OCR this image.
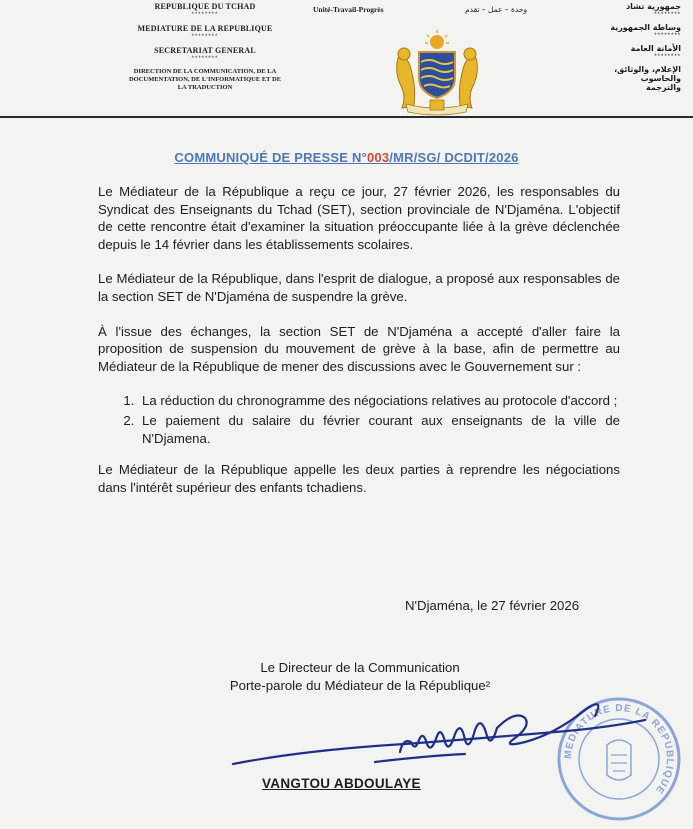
REPUBLIQUE DU TCHAD
********
MEDIATURE DE LA REPUBLIQUE
********
SECRETARIAT GENERAL
********
DIRECTION DE LA COMMUNICATION, DE LA
DOCUMENTATION, DE L'INFORMATIQUE ET DE
LA TRADUCTION
Unité-Travail-Progrès	وحدة – عمل – تقدم	جمهورية تشاد
********
وساطة الجمهورية
********
الأمانة العامة
********
الإعلام، والوثائق، والحاسوب
والترجمة
COMMUNIQUÉ DE PRESSE N°003/MR/SG/ DCDIT/2026

Le Médiateur de la République a reçu ce jour, 27 février 2026, les responsables du Syndicat des Enseignants du Tchad (SET), section provinciale de N'Djaména. L'objectif de cette rencontre était d'examiner la situation préoccupante liée à la grève déclenchée depuis le 14 février dans les établissements scolaires.

Le Médiateur de la République, dans l'esprit de dialogue, a proposé aux responsables de la section SET de N'Djaména de suspendre la grève.

À l'issue des échanges, la section SET de N'Djaména a accepté d'aller faire la proposition de suspension du mouvement de grève à la base, afin de permettre au Médiateur de la République de mener des discussions avec le Gouvernement sur :

1. La réduction du chronogramme des négociations relatives au protocole d'accord ;
2. Le paiement du salaire du février courant aux enseignants de la ville de N'Djamena.

Le Médiateur de la République appelle les deux parties à reprendre les négociations dans l'intérêt supérieur des enfants tchadiens.

N'Djaména, le 27 février 2026
Le Directeur de la Communication
Porte-parole du Médiateur de la République²
MEDIATURE DE LA REPUBLIQUE
VANGTOU ABDOULAYE
